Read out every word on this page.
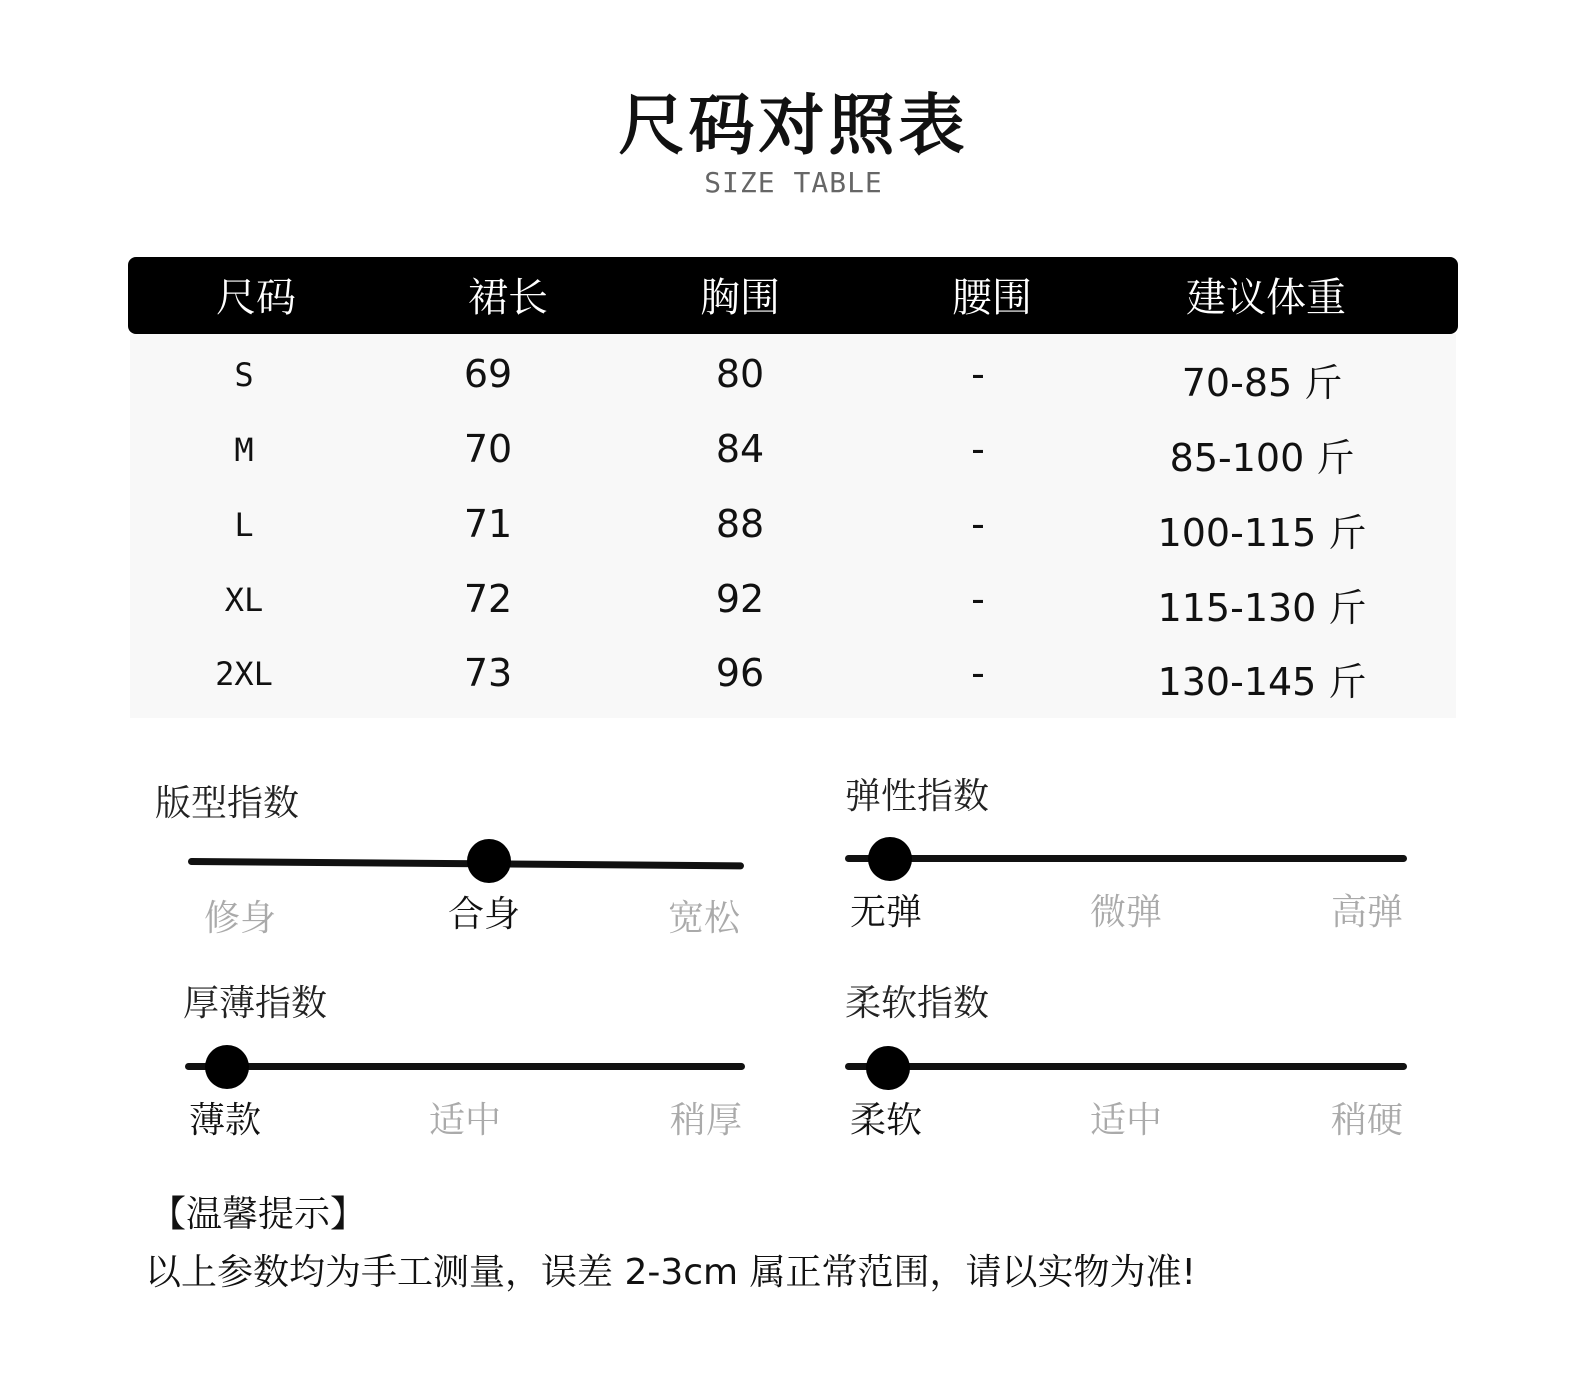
尺码对照表
SIZE TABLE
尺码	裙长	胸围	腰围	建议体重
S	69	80	-	70-85 斤
M	70	84	-	85-100 斤
L	71	88	-	100-115 斤
XL	72	92	-	115-130 斤
2XL	73	96	-	130-145 斤
版型指数
修身	合身	宽松
弹性指数
无弹	微弹	高弹
厚薄指数
薄款	适中	稍厚
柔软指数
柔软	适中	稍硬
【温馨提示】
以上参数均为手工测量，误差 2-3cm 属正常范围，请以实物为准!
